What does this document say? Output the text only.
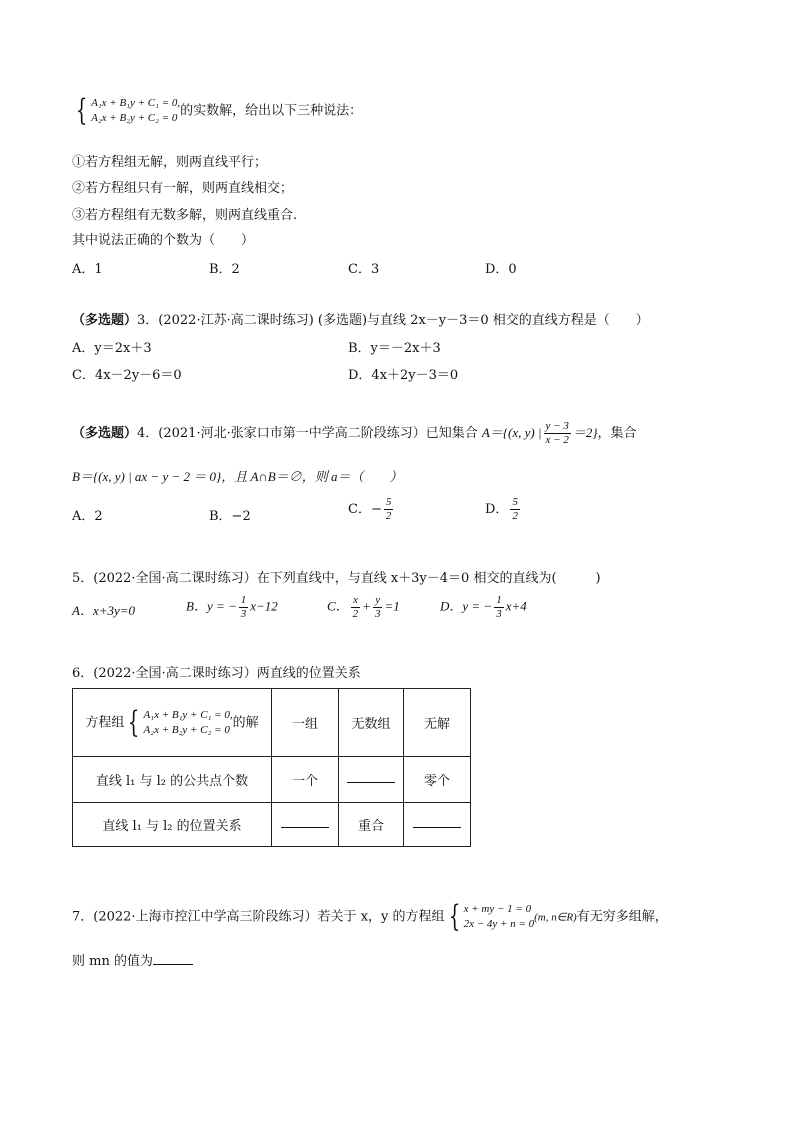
{ A₁x + B₁y + C₁ = 0,
A₂x + B₂y + C₂ = 0 的实数解，给出以下三种说法：
①若方程组无解，则两直线平行；
②若方程组只有一解，则两直线相交；
③若方程组有无数多解，则两直线重合.
其中说法正确的个数为（　　）
A．1	B．2	C．3	D．0
（多选题）3．(2022·江苏·高二课时练习) (多选题)与直线 2x－y－3＝0 相交的直线方程是（　　）
A．y＝2x＋3	B．y＝－2x＋3
C．4x－2y－6＝0	D．4x＋2y－3＝0
（多选题）4．(2021·河北·张家口市第一中学高二阶段练习）已知集合 A＝{(x, y) | $\frac{y - 3}{x - 2} =2$}，集合
B＝{(x, y) | ax − y − 2 ＝ 0}，且 A∩B＝∅，则 a＝（　　）
A．2	B．−2	C．− $\frac{5}{2}$	D． $\frac{5}{2}$
5．(2022·全国·高二课时练习）在下列直线中，与直线 x＋3y－4＝0 相交的直线为(　　　)
A．x+3y=0	B．y = − $\frac{1}{3} x-12$	C． $\frac{x}{2} + \frac{y}{3} =1$	D．y = − $\frac{1}{3} x+4$
6．(2022·全国·高二课时练习）两直线的位置关系
方程组 { A₁x + B₁y + C₁ = 0,
A₂x + B₂y + C₂ = 0 的解	一组	无数组	无解
直线 l₁ 与 l₂ 的公共点个数	一个		零个
直线 l₁ 与 l₂ 的位置关系		重合	
7．(2022·上海市控江中学高三阶段练习）若关于 x，y 的方程组 { x + my − 1 = 0
2x − 4y + n = 0(m, n∈R)有无穷多组解，
则 mn 的值为
